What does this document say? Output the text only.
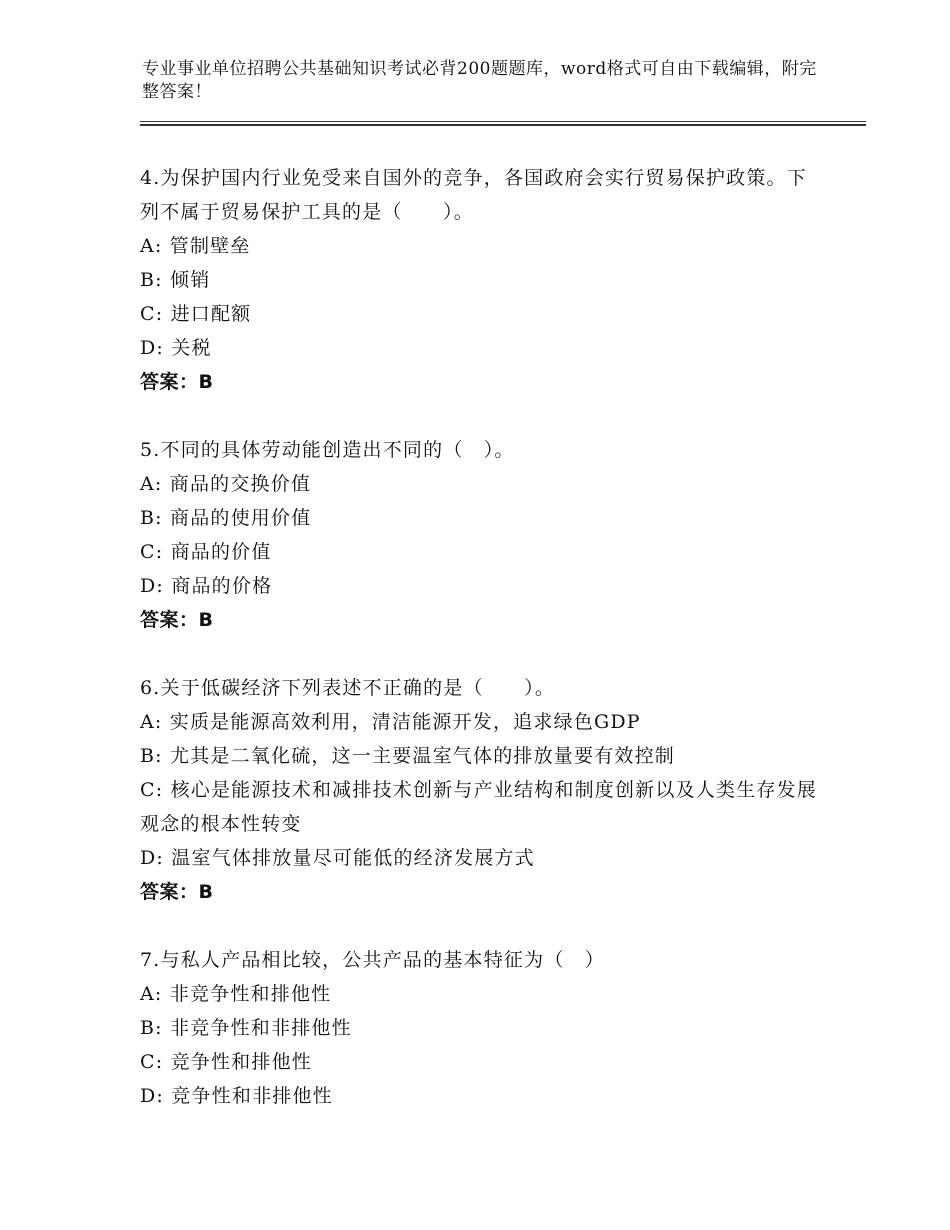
专业事业单位招聘公共基础知识考试必背200题题库，word格式可自由下载编辑，附完整答案！
4.为保护国内行业免受来自国外的竞争，各国政府会实行贸易保护政策。下列不属于贸易保护工具的是（　　）。
A: 管制壁垒
B: 倾销
C: 进口配额
D: 关税
答案：B
5.不同的具体劳动能创造出不同的（　）。
A: 商品的交换价值
B: 商品的使用价值
C: 商品的价值
D: 商品的价格
答案：B
6.关于低碳经济下列表述不正确的是（　　）。
A: 实质是能源高效利用，清洁能源开发，追求绿色GDP
B: 尤其是二氧化硫，这一主要温室气体的排放量要有效控制
C: 核心是能源技术和减排技术创新与产业结构和制度创新以及人类生存发展观念的根本性转变
D: 温室气体排放量尽可能低的经济发展方式
答案：B
7.与私人产品相比较，公共产品的基本特征为（　）
A: 非竞争性和排他性
B: 非竞争性和非排他性
C: 竞争性和排他性
D: 竞争性和非排他性
